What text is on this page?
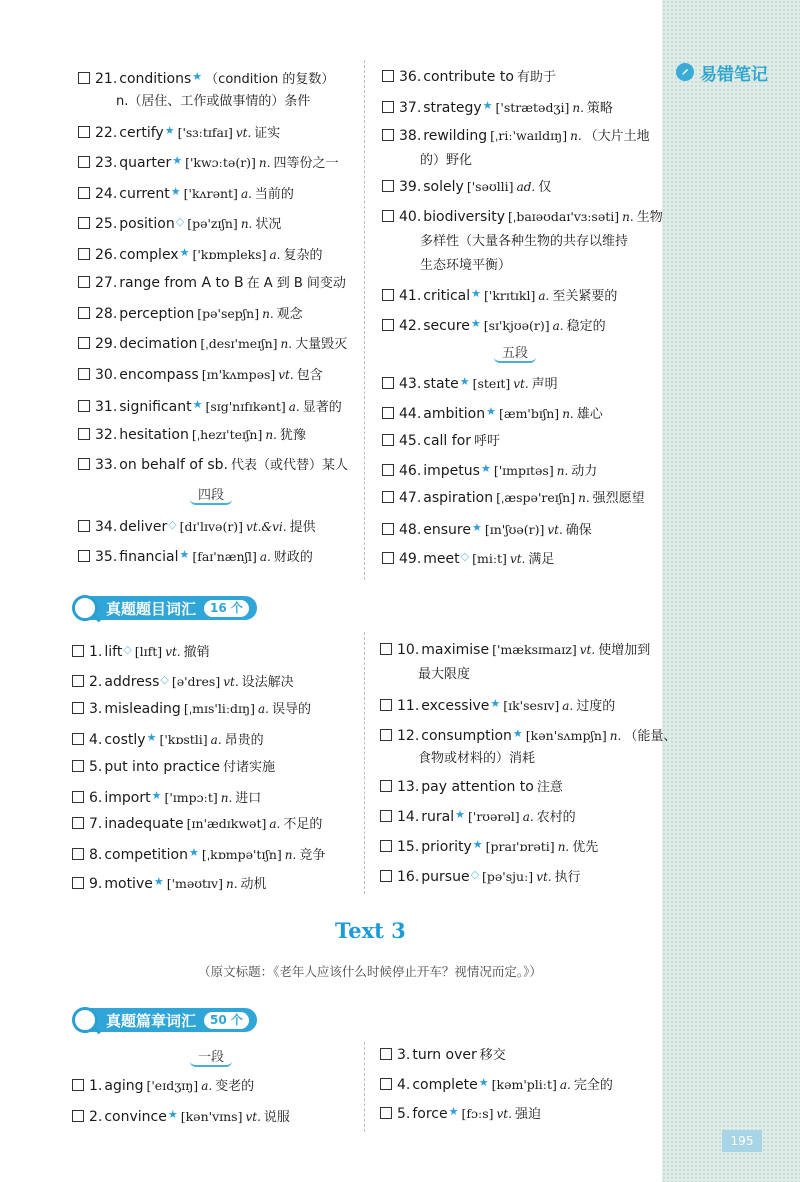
易错笔记
21. conditions★ （condition 的复数）
n.（居住、工作或做事情的）条件
22. certify★ ['sɜːtɪfaɪ] vt. 证实
23. quarter★ ['kwɔːtə(r)] n. 四等份之一
24. current★ ['kʌrənt] a. 当前的
25. position◇ [pə'zɪʃn] n. 状况
26. complex★ ['kɒmpleks] a. 复杂的
27. range from A to B 在 A 到 B 间变动
28. perception [pə'sepʃn] n. 观念
29. decimation [ˌdesɪ'meɪʃn] n. 大量毁灭
30. encompass [ɪn'kʌmpəs] vt. 包含
31. significant★ [sɪg'nɪfɪkənt] a. 显著的
32. hesitation [ˌhezɪ'teɪʃn] n. 犹豫
33. on behalf of sb. 代表（或代替）某人
34. deliver◇ [dɪ'lɪvə(r)] vt.&vi. 提供
35. financial★ [faɪ'nænʃl] a. 财政的
36. contribute to 有助于
37. strategy★ ['strætədʒi] n. 策略
38. rewilding [ˌriː'waɪldɪŋ] n. （大片土地
的）野化
39. solely ['səʊlli] ad. 仅
40. biodiversity [ˌbaɪəʊdaɪ'vɜːsəti] n. 生物
多样性（大量各种生物的共存以维持
生态环境平衡）
41. critical★ ['krɪtɪkl] a. 至关紧要的
42. secure★ [sɪ'kjʊə(r)] a. 稳定的
43. state★ [steɪt] vt. 声明
44. ambition★ [æm'bɪʃn] n. 雄心
45. call for 呼吁
46. impetus★ ['ɪmpɪtəs] n. 动力
47. aspiration [ˌæspə'reɪʃn] n. 强烈愿望
48. ensure★ [ɪn'ʃʊə(r)] vt. 确保
49. meet◇ [miːt] vt. 满足
1. lift◇ [lɪft] vt. 撤销
2. address◇ [ə'dres] vt. 设法解决
3. misleading [ˌmɪs'liːdɪŋ] a. 误导的
4. costly★ ['kɒstli] a. 昂贵的
5. put into practice 付诸实施
6. import★ ['ɪmpɔːt] n. 进口
7. inadequate [ɪn'ædɪkwət] a. 不足的
8. competition★ [ˌkɒmpə'tɪʃn] n. 竞争
9. motive★ ['məʊtɪv] n. 动机
10. maximise ['mæksɪmaɪz] vt. 使增加到
最大限度
11. excessive★ [ɪk'sesɪv] a. 过度的
12. consumption★ [kən'sʌmpʃn] n. （能量、
食物或材料的）消耗
13. pay attention to 注意
14. rural★ ['rʊərəl] a. 农村的
15. priority★ [praɪ'ɒrəti] n. 优先
16. pursue◇ [pə'sjuː] vt. 执行
1. aging ['eɪdʒɪŋ] a. 变老的
2. convince★ [kən'vɪns] vt. 说服
3. turn over 移交
4. complete★ [kəm'pliːt] a. 完全的
5. force★ [fɔːs] vt. 强迫
四段
五段
一段
真题题目词汇	16 个
Text 3
（原文标题：《老年人应该什么时候停止开车？视情况而定。》）
真题篇章词汇	50 个
195
